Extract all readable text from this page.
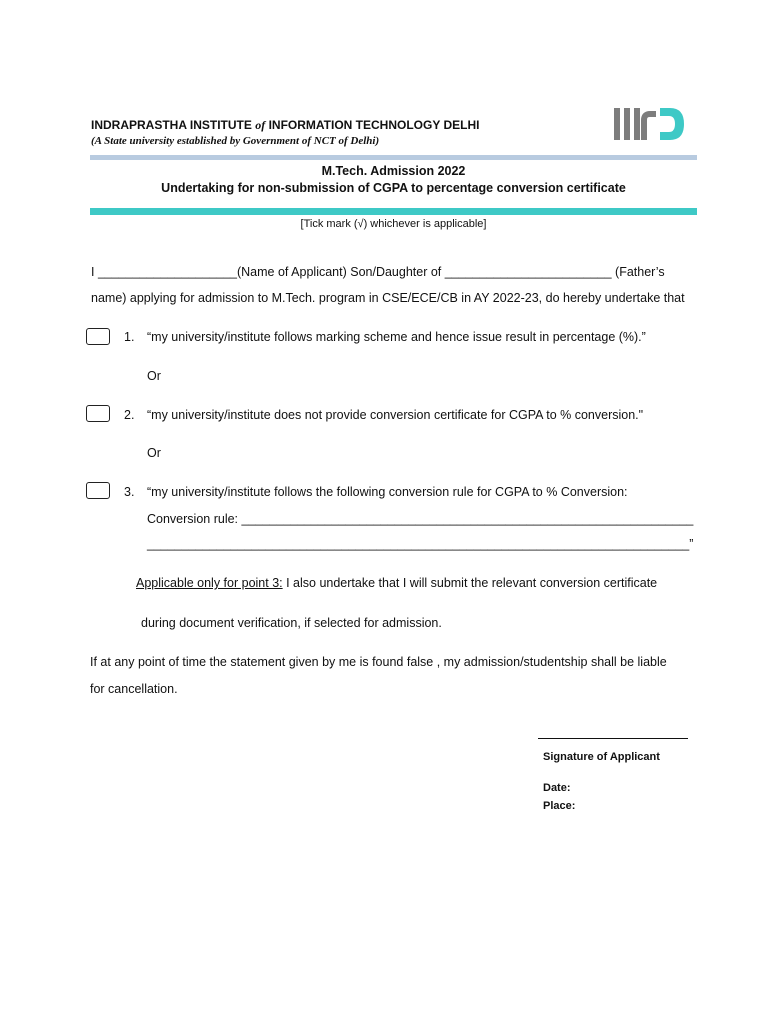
INDRAPRASTHA INSTITUTE of INFORMATION TECHNOLOGY DELHI
(A State university established by Government of NCT of Delhi)
M.Tech. Admission 2022
Undertaking for non-submission of CGPA to percentage conversion certificate
[Tick mark (√) whichever is applicable]
I ____________________(Name of Applicant) Son/Daughter of ________________________ (Father’s
name) applying for admission to M.Tech. program in CSE/ECE/CB in AY 2022-23, do hereby undertake that
1. “my university/institute follows marking scheme and hence issue result in percentage (%).”
Or
2. “my university/institute does not provide conversion certificate for CGPA to % conversion."
Or
3. “my university/institute follows the following conversion rule for CGPA to % Conversion:
Conversion rule: _________________________________________________________________
______________________________________________________________________________”
Applicable only for point 3: I also undertake that I will submit the relevant conversion certificate
during document verification, if selected for admission.
If at any point of time the statement given by me is found false , my admission/studentship shall be liable
for cancellation.
Signature of Applicant
Date:
Place:
